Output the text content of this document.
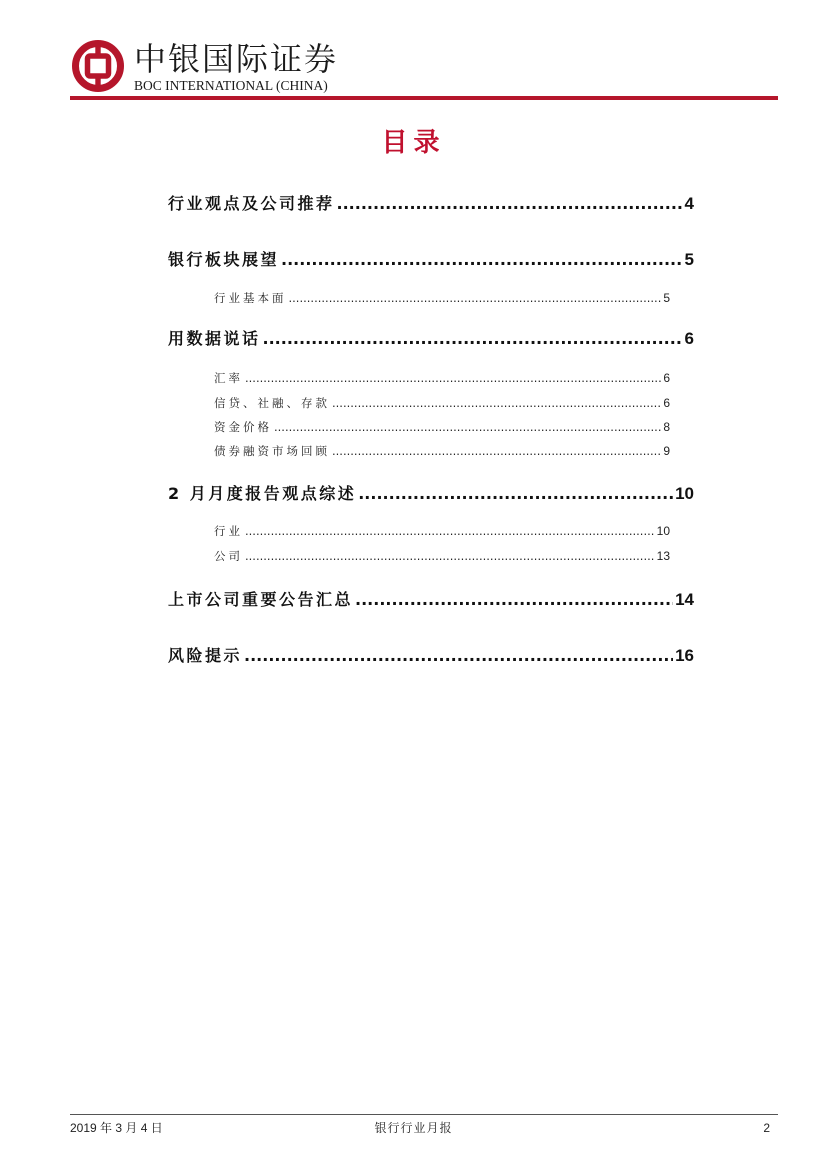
中银国际证券
BOC INTERNATIONAL (CHINA)
目录
行业观点及公司推荐 .....	4
银行板块展望 .....	5
行业基本面 .....	5
用数据说话 .....	6
汇率 .....	6
信贷、社融、存款 .....	6
资金价格 .....	8
债券融资市场回顾 .....	9
2 月月度报告观点综述 .....	10
行业 .....	10
公司 .....	13
上市公司重要公告汇总 .....	14
风险提示 .....	16
2019 年 3 月 4 日	银行行业月报	2
